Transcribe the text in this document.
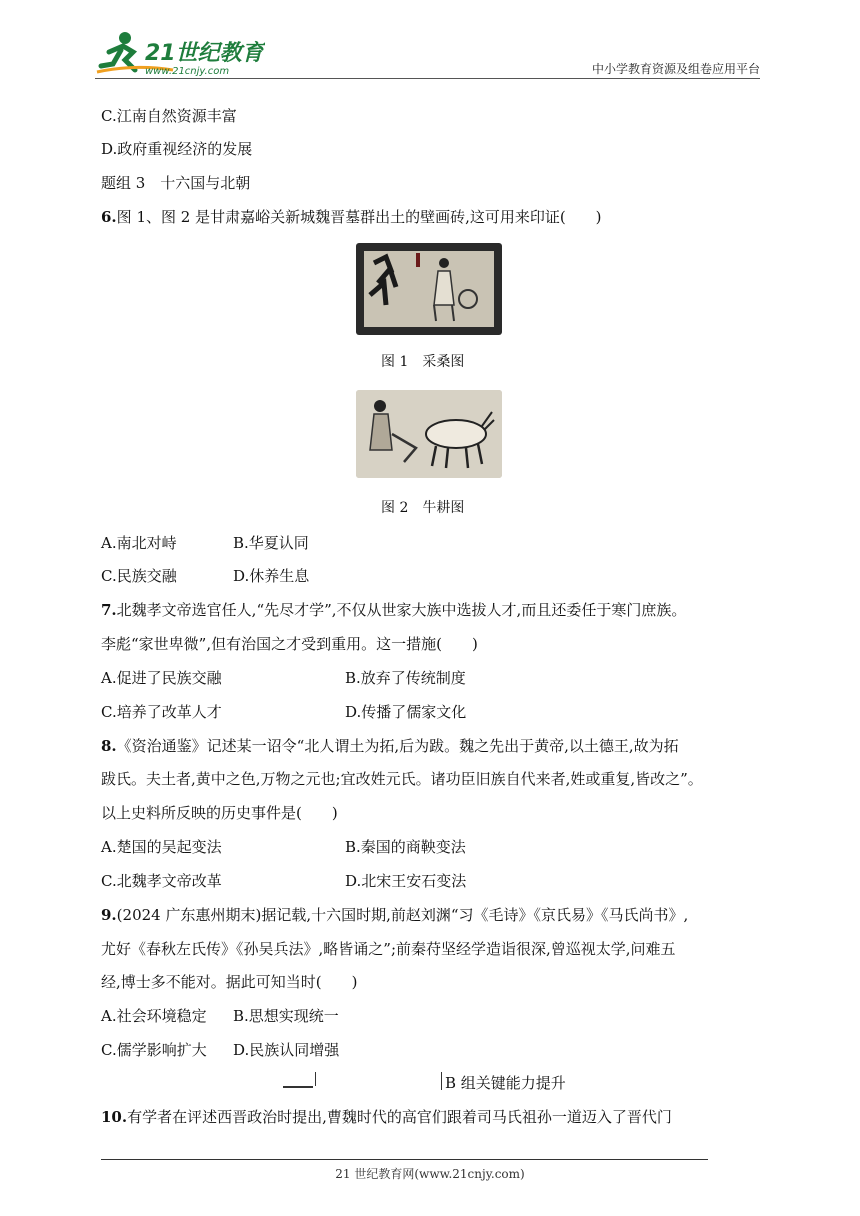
21世纪教育
www.21cnjy.com	中小学教育资源及组卷应用平台
C.江南自然资源丰富
D.政府重视经济的发展
题组 3　十六国与北朝
6.图 1、图 2 是甘肃嘉峪关新城魏晋墓群出土的壁画砖,这可用来印证(　　)
图 1　采桑图
图 2　牛耕图
A.南北对峙	B.华夏认同
C.民族交融	D.休养生息
7.北魏孝文帝选官任人,“先尽才学”,不仅从世家大族中选拔人才,而且还委任于寒门庶族。
李彪“家世卑微”,但有治国之才受到重用。这一措施(　　)
A.促进了民族交融	B.放弃了传统制度
C.培养了改革人才	D.传播了儒家文化
8.《资治通鉴》记述某一诏令“北人谓土为拓,后为跋。魏之先出于黄帝,以土德王,故为拓
跋氏。夫土者,黄中之色,万物之元也;宜改姓元氏。诸功臣旧族自代来者,姓或重复,皆改之”。
以上史料所反映的历史事件是(　　)
A.楚国的吴起变法	B.秦国的商鞅变法
C.北魏孝文帝改革	D.北宋王安石变法
9.(2024 广东惠州期末)据记载,十六国时期,前赵刘渊“习《毛诗》《京氏易》《马氏尚书》,
尤好《春秋左氏传》《孙吴兵法》,略皆诵之”;前秦苻坚经学造诣很深,曾巡视太学,问难五
经,博士多不能对。据此可知当时(　　)
A.社会环境稳定 B.思想实现统一
C.儒学影响扩大 D.民族认同增强
B 组关键能力提升
10.有学者在评述西晋政治时提出,曹魏时代的高官们跟着司马氏祖孙一道迈入了晋代门
21 世纪教育网(www.21cnjy.com)
